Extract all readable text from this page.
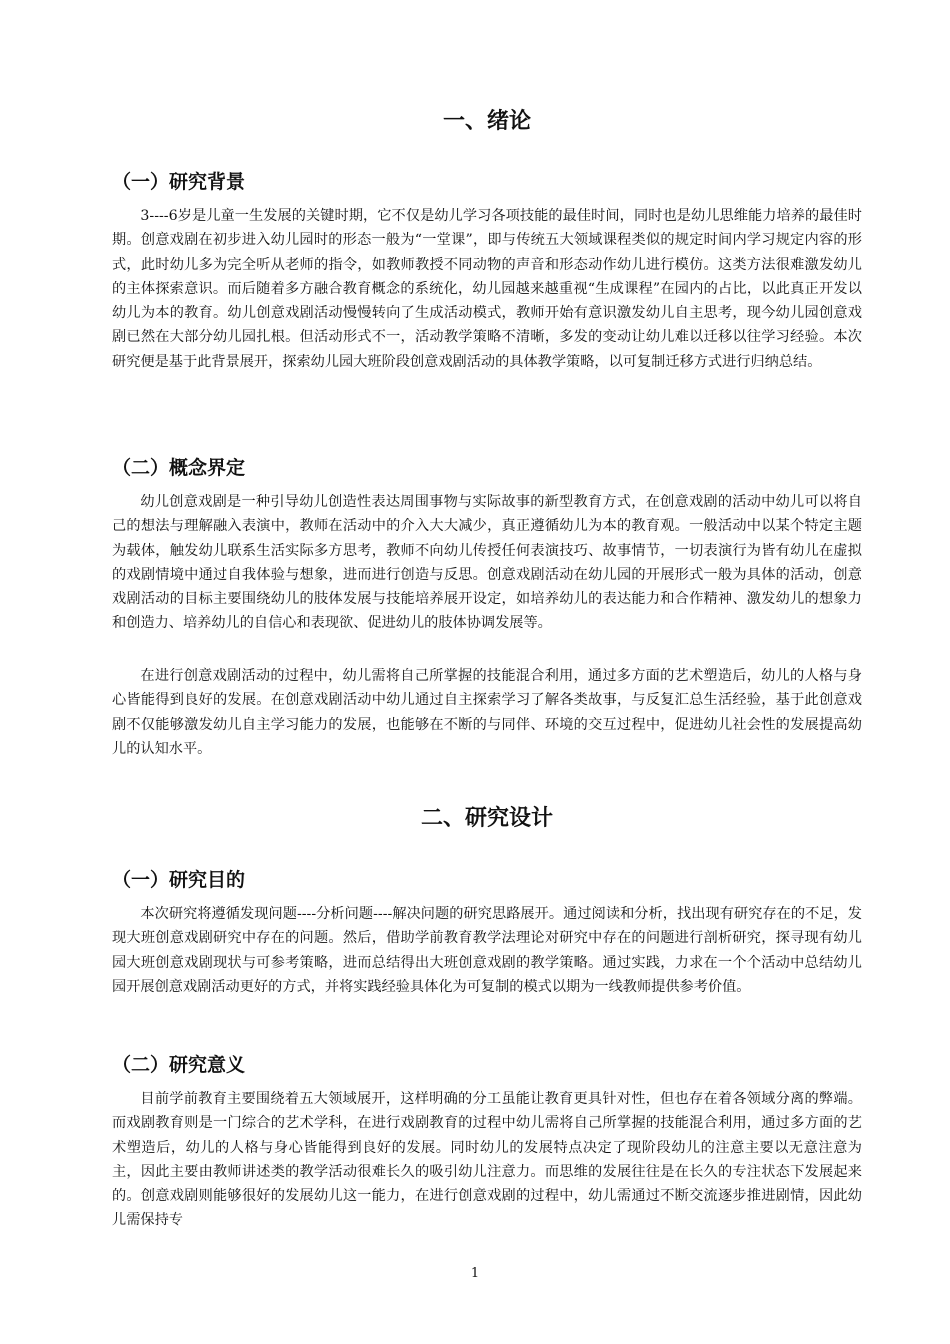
一、绪论
（一）研究背景

3----6岁是儿童一生发展的关键时期，它不仅是幼儿学习各项技能的最佳时间，同时也是幼儿思维能力培养的最佳时期。创意戏剧在初步进入幼儿园时的形态一般为“一堂课”，即与传统五大领域课程类似的规定时间内学习规定内容的形式，此时幼儿多为完全听从老师的指令，如教师教授不同动物的声音和形态动作幼儿进行模仿。这类方法很难激发幼儿的主体探索意识。而后随着多方融合教育概念的系统化，幼儿园越来越重视“生成课程”在园内的占比，以此真正开发以幼儿为本的教育。幼儿创意戏剧活动慢慢转向了生成活动模式，教师开始有意识激发幼儿自主思考，现今幼儿园创意戏剧已然在大部分幼儿园扎根。但活动形式不一，活动教学策略不清晰，多发的变动让幼儿难以迁移以往学习经验。本次研究便是基于此背景展开，探索幼儿园大班阶段创意戏剧活动的具体教学策略，以可复制迁移方式进行归纳总结。

（二）概念界定

幼儿创意戏剧是一种引导幼儿创造性表达周围事物与实际故事的新型教育方式，在创意戏剧的活动中幼儿可以将自己的想法与理解融入表演中，教师在活动中的介入大大减少，真正遵循幼儿为本的教育观。一般活动中以某个特定主题为载体，触发幼儿联系生活实际多方思考，教师不向幼儿传授任何表演技巧、故事情节，一切表演行为皆有幼儿在虚拟的戏剧情境中通过自我体验与想象，进而进行创造与反思。创意戏剧活动在幼儿园的开展形式一般为具体的活动，创意戏剧活动的目标主要围绕幼儿的肢体发展与技能培养展开设定，如培养幼儿的表达能力和合作精神、激发幼儿的想象力和创造力、培养幼儿的自信心和表现欲、促进幼儿的肢体协调发展等。

在进行创意戏剧活动的过程中，幼儿需将自己所掌握的技能混合利用，通过多方面的艺术塑造后，幼儿的人格与身心皆能得到良好的发展。在创意戏剧活动中幼儿通过自主探索学习了解各类故事，与反复汇总生活经验，基于此创意戏剧不仅能够激发幼儿自主学习能力的发展，也能够在不断的与同伴、环境的交互过程中，促进幼儿社会性的发展提高幼儿的认知水平。

二、研究设计
（一）研究目的

本次研究将遵循发现问题----分析问题----解决问题的研究思路展开。通过阅读和分析，找出现有研究存在的不足，发现大班创意戏剧研究中存在的问题。然后，借助学前教育教学法理论对研究中存在的问题进行剖析研究，探寻现有幼儿园大班创意戏剧现状与可参考策略，进而总结得出大班创意戏剧的教学策略。通过实践，力求在一个个活动中总结幼儿园开展创意戏剧活动更好的方式，并将实践经验具体化为可复制的模式以期为一线教师提供参考价值。

（二）研究意义

目前学前教育主要围绕着五大领域展开，这样明确的分工虽能让教育更具针对性，但也存在着各领域分离的弊端。而戏剧教育则是一门综合的艺术学科，在进行戏剧教育的过程中幼儿需将自己所掌握的技能混合利用，通过多方面的艺术塑造后，幼儿的人格与身心皆能得到良好的发展。同时幼儿的发展特点决定了现阶段幼儿的注意主要以无意注意为主，因此主要由教师讲述类的教学活动很难长久的吸引幼儿注意力。而思维的发展往往是在长久的专注状态下发展起来的。创意戏剧则能够很好的发展幼儿这一能力，在进行创意戏剧的过程中，幼儿需通过不断交流逐步推进剧情，因此幼儿需保持专

1
